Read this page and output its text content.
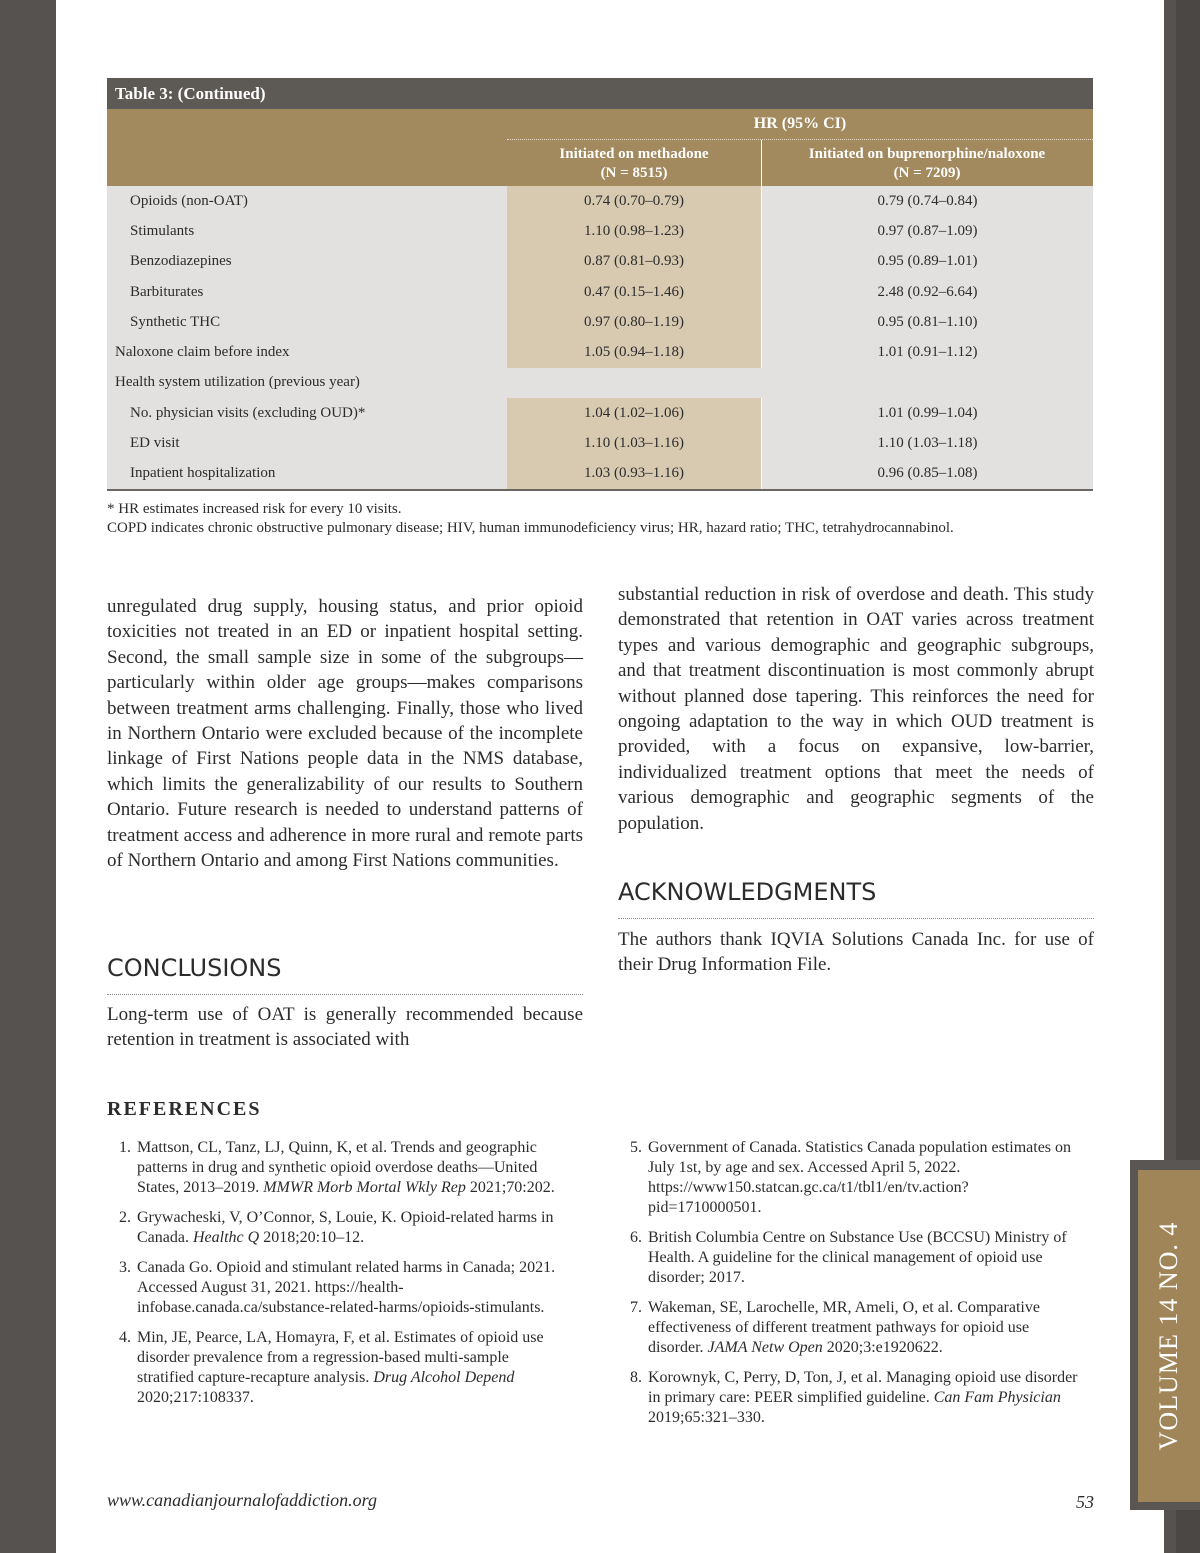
VOLUME 14 NO. 4
Table 3: (Continued)
HR (95% CI)
Initiated on methadone
(N = 8515)
Initiated on buprenorphine/naloxone
(N = 7209)
Opioids (non-OAT)	0.74 (0.70–0.79)	0.79 (0.74–0.84)
Stimulants	1.10 (0.98–1.23)	0.97 (0.87–1.09)
Benzodiazepines	0.87 (0.81–0.93)	0.95 (0.89–1.01)
Barbiturates	0.47 (0.15–1.46)	2.48 (0.92–6.64)
Synthetic THC	0.97 (0.80–1.19)	0.95 (0.81–1.10)
Naloxone claim before index	1.05 (0.94–1.18)	1.01 (0.91–1.12)
Health system utilization (previous year)
No. physician visits (excluding OUD)*	1.04 (1.02–1.06)	1.01 (0.99–1.04)
ED visit	1.10 (1.03–1.16)	1.10 (1.03–1.18)
Inpatient hospitalization	1.03 (0.93–1.16)	0.96 (0.85–1.08)
* HR estimates increased risk for every 10 visits.
COPD indicates chronic obstructive pulmonary disease; HIV, human immunodeficiency virus; HR, hazard ratio; THC, tetrahydrocannabinol.
unregulated drug supply, housing status, and prior opioid toxicities not treated in an ED or inpatient hospital setting. Second, the small sample size in some of the subgroups—particularly within older age groups—makes comparisons between treatment arms challenging. Finally, those who lived in Northern Ontario were excluded because of the incomplete linkage of First Nations people data in the NMS database, which limits the generalizability of our results to Southern Ontario. Future research is needed to understand patterns of treatment access and adherence in more rural and remote parts of Northern Ontario and among First Nations communities.
CONCLUSIONS
Long-term use of OAT is generally recommended because retention in treatment is associated with
substantial reduction in risk of overdose and death. This study demonstrated that retention in OAT varies across treatment types and various demographic and geographic subgroups, and that treatment discontinuation is most commonly abrupt without planned dose tapering. This reinforces the need for ongoing adaptation to the way in which OUD treatment is provided, with a focus on expansive, low-barrier, individualized treatment options that meet the needs of various demographic and geographic segments of the population.
ACKNOWLEDGMENTS
The authors thank IQVIA Solutions Canada Inc. for use of their Drug Information File.
REFERENCES
1. Mattson, CL, Tanz, LJ, Quinn, K, et al. Trends and geographic patterns in drug and synthetic opioid overdose deaths—United States, 2013–2019. MMWR Morb Mortal Wkly Rep 2021;70:202.
2. Grywacheski, V, O’Connor, S, Louie, K. Opioid-related harms in Canada. Healthc Q 2018;20:10–12.
3. Canada Go. Opioid and stimulant related harms in Canada; 2021. Accessed August 31, 2021. https://health-infobase.canada.ca/substance-related-harms/opioids-stimulants.
4. Min, JE, Pearce, LA, Homayra, F, et al. Estimates of opioid use disorder prevalence from a regression-based multi-sample stratified capture-recapture analysis. Drug Alcohol Depend 2020;217:108337.
5. Government of Canada. Statistics Canada population estimates on July 1st, by age and sex. Accessed April 5, 2022. https://www150.statcan.gc.ca/t1/tbl1/en/tv.action?pid=1710000501.
6. British Columbia Centre on Substance Use (BCCSU) Ministry of Health. A guideline for the clinical management of opioid use disorder; 2017.
7. Wakeman, SE, Larochelle, MR, Ameli, O, et al. Comparative effectiveness of different treatment pathways for opioid use disorder. JAMA Netw Open 2020;3:e1920622.
8. Korownyk, C, Perry, D, Ton, J, et al. Managing opioid use disorder in primary care: PEER simplified guideline. Can Fam Physician 2019;65:321–330.
www.canadianjournalofaddiction.org	53
